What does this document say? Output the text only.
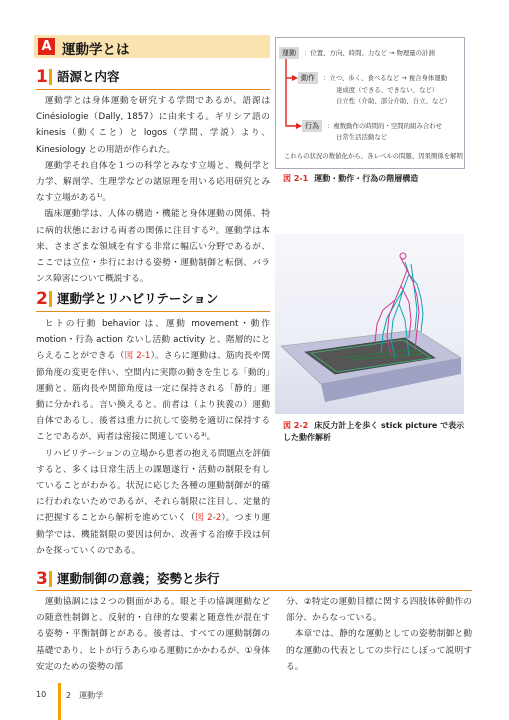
A 運動学とは
1 語源と内容

運動学とは身体運動を研究する学問であるが、語源は Cinésiologie（Dally, 1857）に由来する。ギリシア語の kinesis（動くこと）と logos（学問、学説）より、Kinesiology との用語が作られた。

運動学それ自体を１つの科学とみなす立場と、幾何学と力学、解剖学、生理学などの諸原理を用いる応用研究とみなす立場がある¹⁾。

臨床運動学は、人体の構造・機能と身体運動の関係、特に病的状態における両者の関係に注目する²⁾。運動学は本来、さまざまな領域を有する非常に幅広い分野であるが、ここでは立位・歩行における姿勢・運動制御と転倒、バランス障害について概説する。

2 運動学とリハビリテーション

ヒトの行動 behavior は、運動 movement・動作 motion・行為 action ないし活動 activity と、階層的にとらえることができる（図 2-1）。さらに運動は、筋肉長や関節角度の変更を伴い、空間内に実際の動きを生じる「動的」運動と、筋肉長や関節角度は一定に保持される「静的」運動に分かれる。言い換えると、前者は（より狭義の）運動自体であるし、後者は重力に抗して姿勢を適切に保持することであるが、両者は密接に関連している³⁾。

リハビリテーションの立場から患者の抱える問題点を評価すると、多くは日常生活上の課題遂行・活動の制限を有していることがわかる。状況に応じた各種の運動制御が的確に行われないためであるが、それら制限に注目し、定量的に把握することから解析を進めていく（図 2-2）。つまり運動学では、機能制限の要因は何か、改善する治療手段は何かを探っていくのである。

3 運動制御の意義；姿勢と歩行

運動協調には２つの側面がある。眼と手の協調運動などの随意性制御と、反射的・自律的な要素と随意性が混在する姿勢・平衡制御とがある。後者は、すべての運動制御の基礎であり、ヒトが行うあらゆる運動にかかわるが、①身体安定のための姿勢の部

分、②特定の運動目標に関する四肢体幹動作の部分、からなっている。

本章では、静的な運動としての姿勢制御と動的な運動の代表としての歩行にしぼって説明する。

運動	：位置、方向、時間、力など → 物理量の計測
動作	：立つ、歩く、食べるなど → 複合身体運動
達成度（できる、できない、など）
自立性（介助、部分介助、自立、など）
行為	：複数動作の時間的・空間的組み合わせ
日常生活活動など
これらの状況の数値化から、各レベルの問題、因果関係を解明
図 2-1 運動・動作・行為の階層構造
図 2-2 床反力計上を歩く stick picture で表示した動作解析
10 2　運動学
